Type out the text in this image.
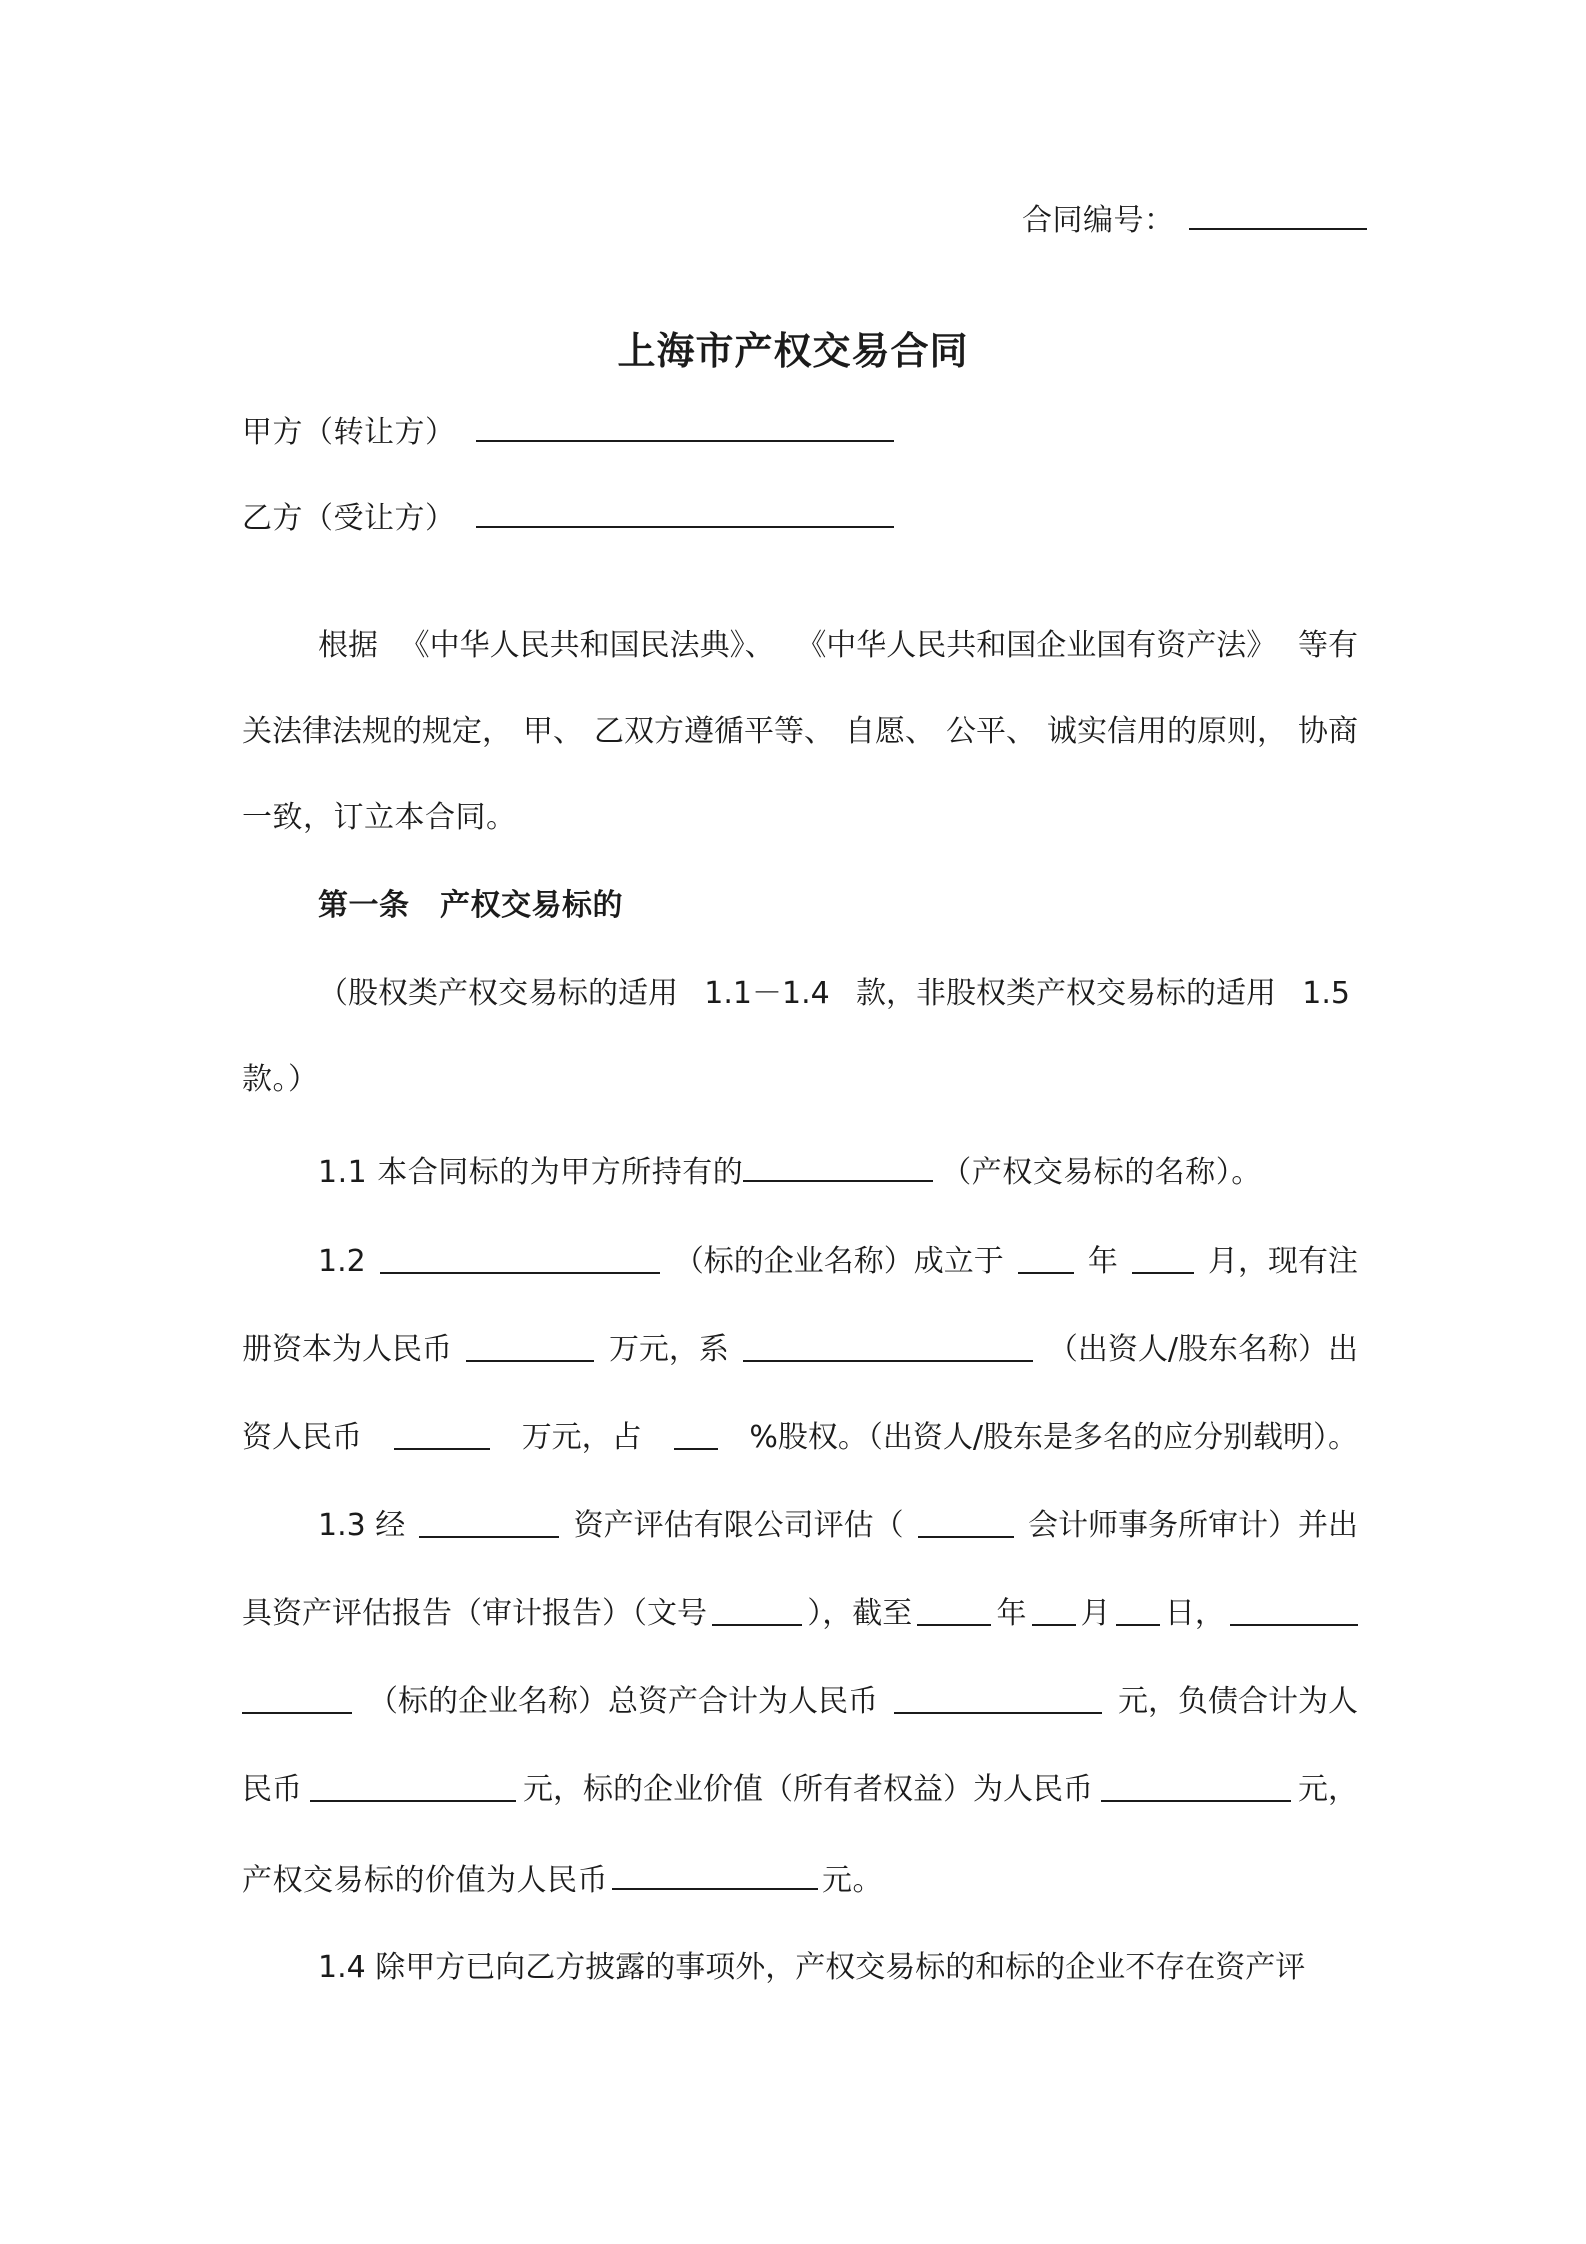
合同编号：
上海市产权交易合同
甲方（转让方）
乙方（受让方）
根据 《中华人民共和国民法典》、 《中华人民共和国企业国有资产法》 等有
关法律法规的规定， 甲、 乙双方遵循平等、 自愿、 公平、 诚实信用的原则， 协商
一致，订立本合同。
第一条　产权交易标的
（股权类产权交易标的适用 1.1－1.4 款，非股权类产权交易标的适用 1.5
款。）
1.1 本合同标的为甲方所持有的	（产权交易标的名称）。
1.2	（标的企业名称）成立于	年	月，现有注
册资本为人民币	万元，系	（出资人/股东名称）出
资人民币	万元，占	%股权。（出资人/股东是多名的应分别载明）。
1.3 经	资产评估有限公司评估（	会计师事务所审计）并出
具资产评估报告（审计报告）（文号	），截至	年 月 日，
（标的企业名称）总资产合计为人民币	元，负债合计为人
民币	元，标的企业价值（所有者权益）为人民币	元，
产权交易标的价值为人民币	元。
1.4 除甲方已向乙方披露的事项外，产权交易标的和标的企业不存在资产评
